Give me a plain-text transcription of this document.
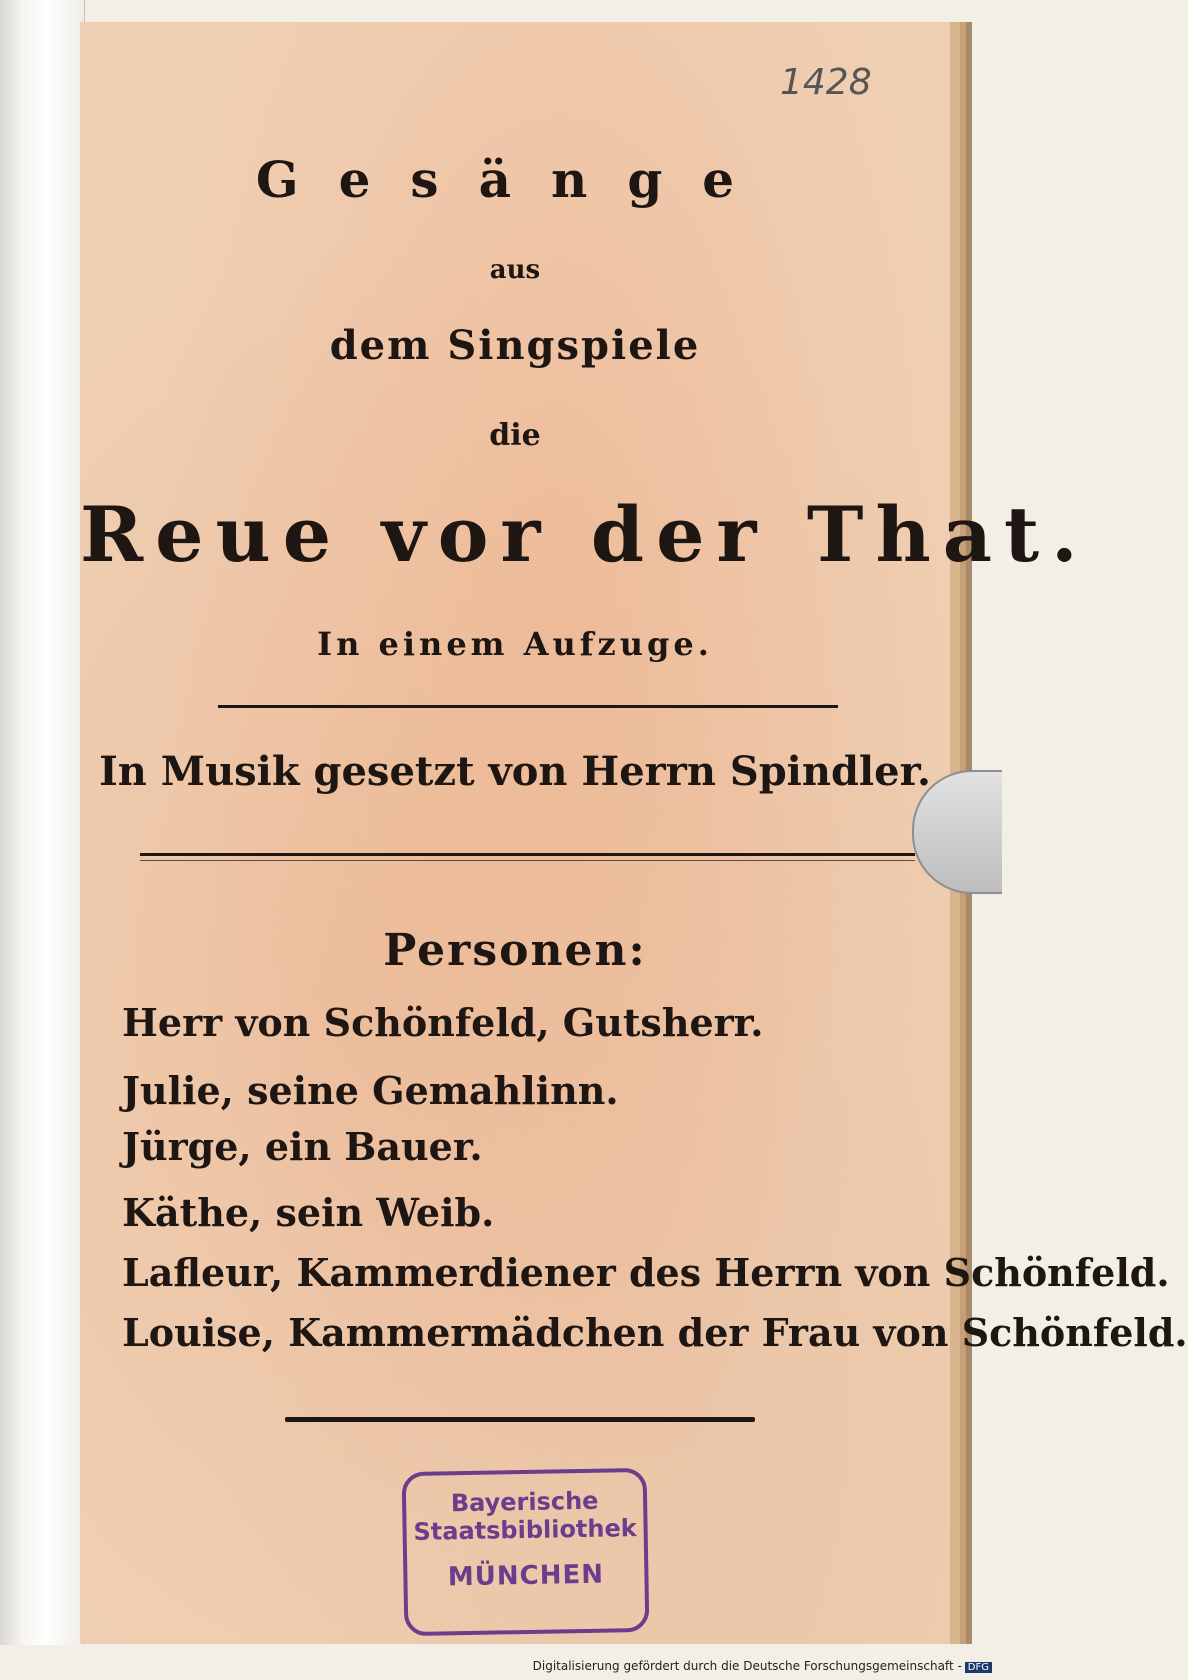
1428
Gesänge
aus
dem Singspiele
die
Reue vor der That.
In einem Aufzuge.
In Musik gesetzt von Herrn Spindler.
Personen:
Herr von Schönfeld, Gutsherr.
Julie, seine Gemahlinn.
Jürge, ein Bauer.
Käthe, sein Weib.
Lafleur, Kammerdiener des Herrn von Schönfeld.
Louise, Kammermädchen der Frau von Schönfeld.
Bayerische
Staatsbibliothek
MÜNCHEN
Digitalisierung gefördert durch die Deutsche Forschungsgemeinschaft - DFG
